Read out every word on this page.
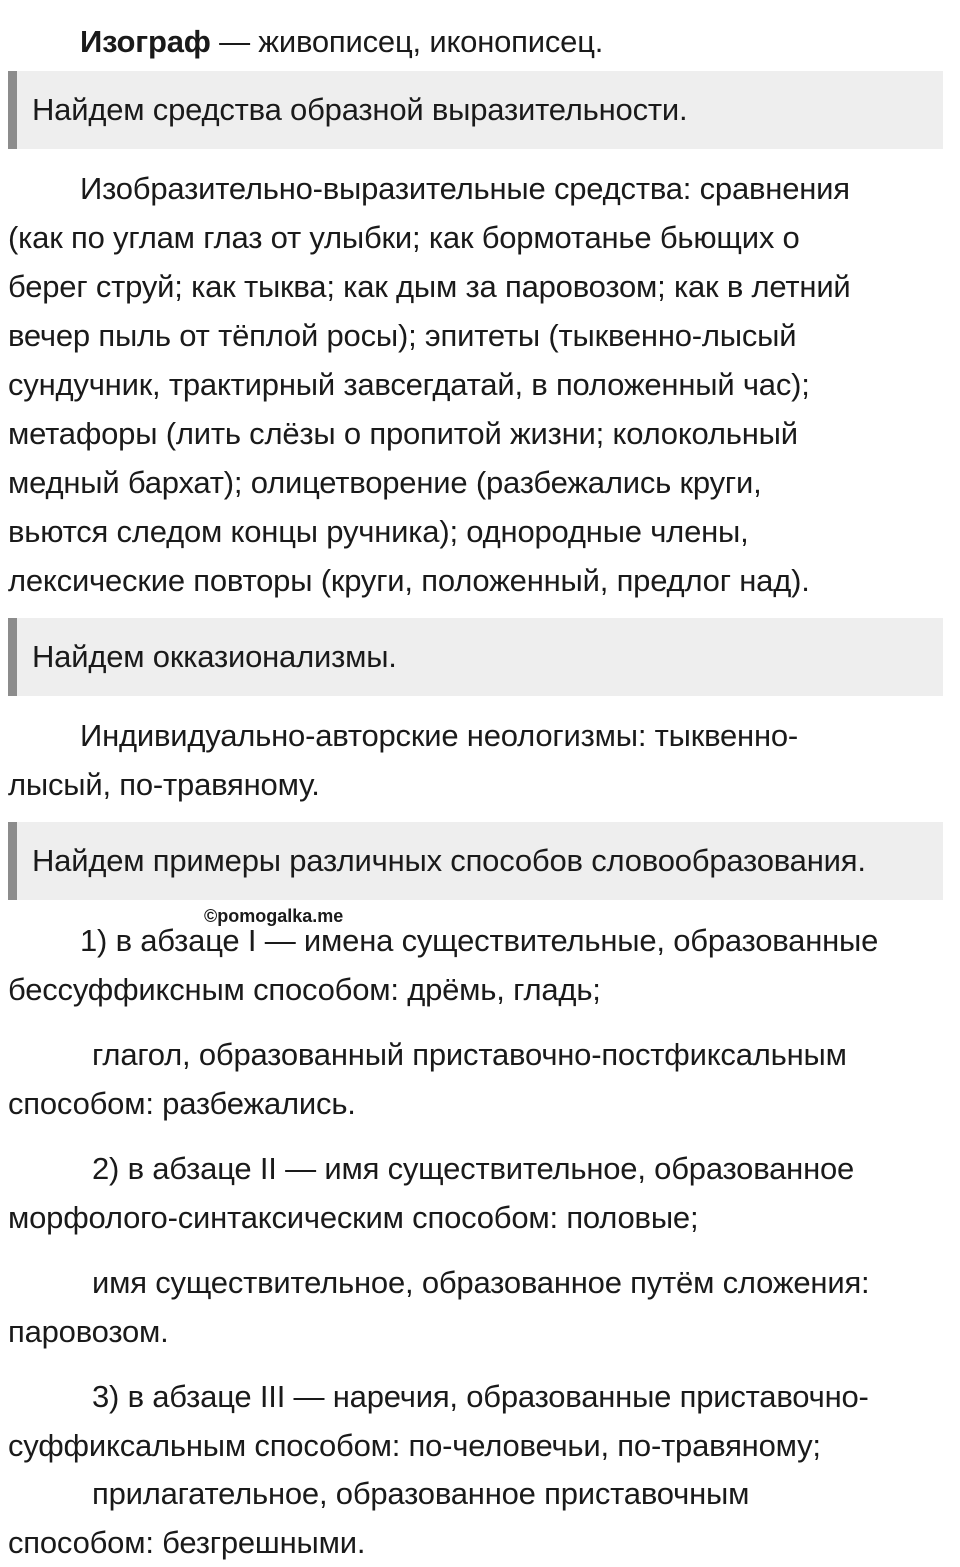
Изограф — живописец, иконописец.
Найдем средства образной выразительности.
Изобразительно-выразительные средства: сравнения
(как по углам глаз от улыбки; как бормотанье бьющих о
берег струй; как тыква; как дым за паровозом; как в летний
вечер пыль от тёплой росы); эпитеты (тыквенно-лысый
сундучник, трактирный завсегдатай, в положенный час);
метафоры (лить слёзы о пропитой жизни; колокольный
медный бархат); олицетворение (разбежались круги,
вьются следом концы ручника); однородные члены,
лексические повторы (круги, положенный, предлог над).
Найдем окказионализмы.
Индивидуально-авторские неологизмы: тыквенно-
лысый, по-травяному.
Найдем примеры различных способов словообразования.
©pomogalka.me
1) в абзаце I — имена существительные, образованные
бессуффиксным способом: дрёмь, гладь;
глагол, образованный приставочно-постфиксальным
способом: разбежались.
2) в абзаце II — имя существительное, образованное
морфолого-синтаксическим способом: половые;
имя существительное, образованное путём сложения:
паровозом.
3) в абзаце III — наречия, образованные приставочно-
суффиксальным способом: по-человечьи, по-травяному;
прилагательное, образованное приставочным
способом: безгрешными.
